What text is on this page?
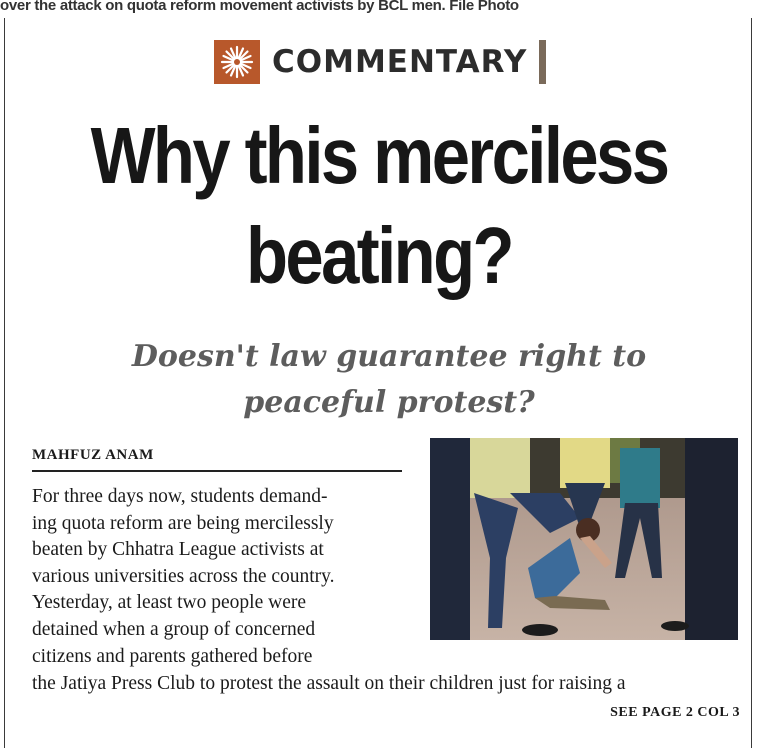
over the attack on quota reform movement activists by BCL men. File Photo
COMMENTARY
Why this merciless
beating?
Doesn't law guarantee right to
peaceful protest?
MAHFUZ ANAM
For three days now, students demand-
ing quota reform are being mercilessly
beaten by Chhatra League activists at
various universities across the country.
Yesterday, at least two people were
detained when a group of concerned
citizens and parents gathered before
the Jatiya Press Club to protest the assault on their children just for raising a
SEE PAGE 2 COL 3
